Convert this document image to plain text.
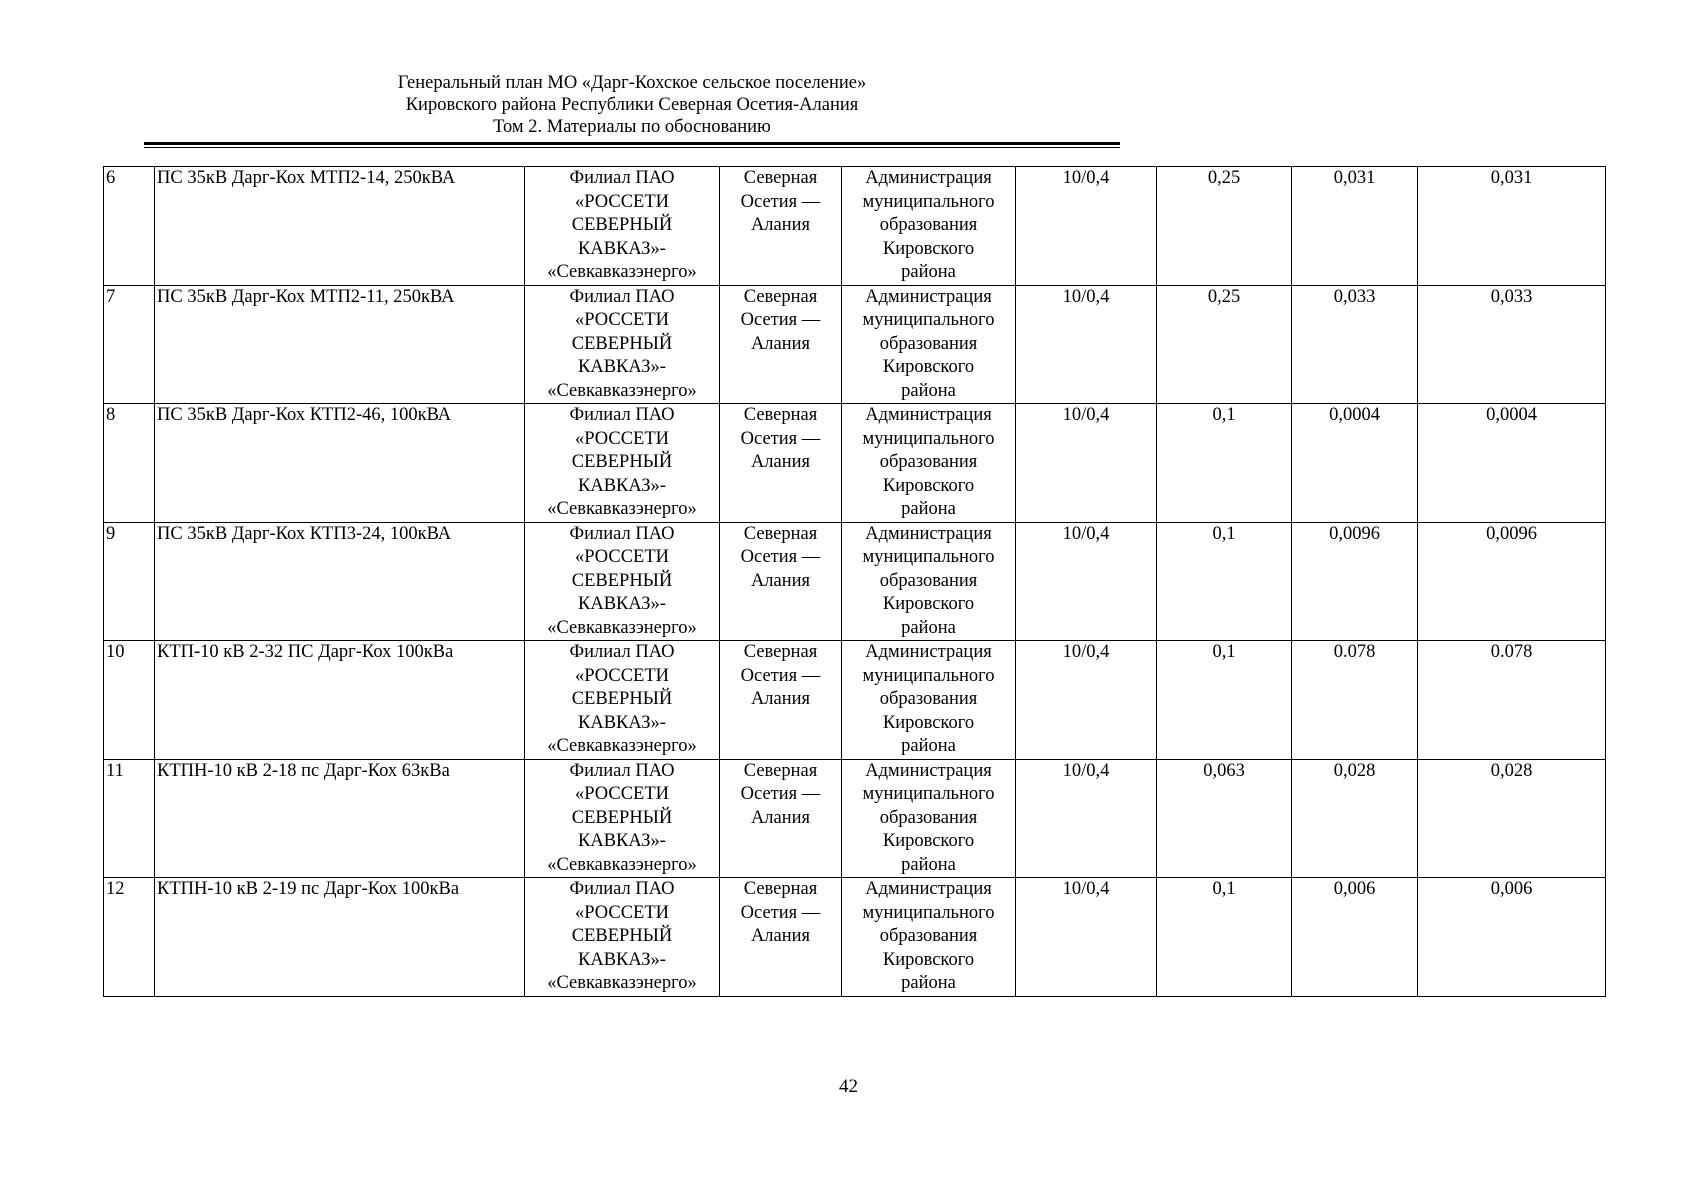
Генеральный план МО «Дарг-Кохское сельское поселение»
Кировского района Республики Северная Осетия-Алания
Том 2. Материалы по обоснованию
6	ПС 35кВ Дарг-Кох МТП2-14, 250кВА	Филиал ПАО
«РОССЕТИ
СЕВЕРНЫЙ
КАВКАЗ»-
«Севкавказэнерго»	Северная
Осетия —
Алания	Администрация
муниципального
образования
Кировского
района	10/0,4	0,25	0,031	0,031
7	ПС 35кВ Дарг-Кох МТП2-11, 250кВА	Филиал ПАО
«РОССЕТИ
СЕВЕРНЫЙ
КАВКАЗ»-
«Севкавказэнерго»	Северная
Осетия —
Алания	Администрация
муниципального
образования
Кировского
района	10/0,4	0,25	0,033	0,033
8	ПС 35кВ Дарг-Кох КТП2-46, 100кВА	Филиал ПАО
«РОССЕТИ
СЕВЕРНЫЙ
КАВКАЗ»-
«Севкавказэнерго»	Северная
Осетия —
Алания	Администрация
муниципального
образования
Кировского
района	10/0,4	0,1	0,0004	0,0004
9	ПС 35кВ Дарг-Кох КТП3-24, 100кВА	Филиал ПАО
«РОССЕТИ
СЕВЕРНЫЙ
КАВКАЗ»-
«Севкавказэнерго»	Северная
Осетия —
Алания	Администрация
муниципального
образования
Кировского
района	10/0,4	0,1	0,0096	0,0096
10	КТП-10 кВ 2-32 ПС Дарг-Кох 100кВа	Филиал ПАО
«РОССЕТИ
СЕВЕРНЫЙ
КАВКАЗ»-
«Севкавказэнерго»	Северная
Осетия —
Алания	Администрация
муниципального
образования
Кировского
района	10/0,4	0,1	0.078	0.078
11	КТПН-10 кВ 2-18 пс Дарг-Кох 63кВа	Филиал ПАО
«РОССЕТИ
СЕВЕРНЫЙ
КАВКАЗ»-
«Севкавказэнерго»	Северная
Осетия —
Алания	Администрация
муниципального
образования
Кировского
района	10/0,4	0,063	0,028	0,028
12	КТПН-10 кВ 2-19 пс Дарг-Кох 100кВа	Филиал ПАО
«РОССЕТИ
СЕВЕРНЫЙ
КАВКАЗ»-
«Севкавказэнерго»	Северная
Осетия —
Алания	Администрация
муниципального
образования
Кировского
района	10/0,4	0,1	0,006	0,006
42
